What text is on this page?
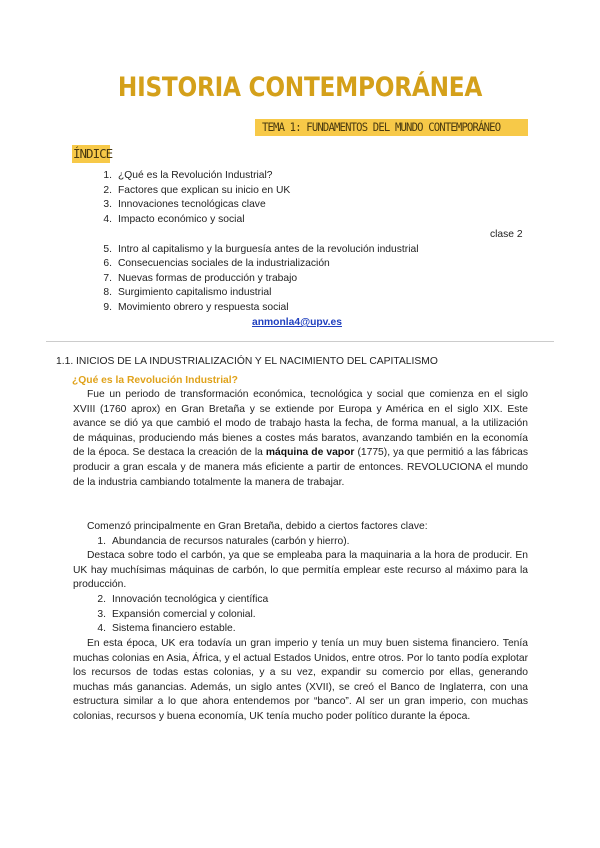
HISTORIA CONTEMPORÁNEA
TEMA 1: FUNDAMENTOS DEL MUNDO CONTEMPORÁNEO
ÍNDICE
1. ¿Qué es la Revolución Industrial?
2. Factores que explican su inicio en UK
3. Innovaciones tecnológicas clave
4. Impacto económico y social
5. Intro al capitalismo y la burguesía antes de la revolución industrial
6. Consecuencias sociales de la industrialización
7. Nuevas formas de producción y trabajo
8. Surgimiento capitalismo industrial
9. Movimiento obrero y respuesta social
clase 2
anmonla4@upv.es
1.1. INICIOS DE LA INDUSTRIALIZACIÓN Y EL NACIMIENTO DEL CAPITALISMO
¿Qué es la Revolución Industrial?
Fue un periodo de transformación económica, tecnológica y social que comienza en el siglo XVIII (1760 aprox) en Gran Bretaña y se extiende por Europa y América en el siglo XIX. Este avance se dió ya que cambió el modo de trabajo hasta la fecha, de forma manual, a la utilización de máquinas, produciendo más bienes a costes más baratos, avanzando también en la economía de la época. Se destaca la creación de la máquina de vapor (1775), ya que permitió a las fábricas producir a gran escala y de manera más eficiente a partir de entonces. REVOLUCIONA el mundo de la industria cambiando totalmente la manera de trabajar.
Comenzó principalmente en Gran Bretaña, debido a ciertos factores clave:
1. Abundancia de recursos naturales (carbón y hierro).
Destaca sobre todo el carbón, ya que se empleaba para la maquinaria a la hora de producir. En UK hay muchísimas máquinas de carbón, lo que permitía emplear este recurso al máximo para la producción.
2. Innovación tecnológica y científica
3. Expansión comercial y colonial.
4. Sistema financiero estable.
En esta época, UK era todavía un gran imperio y tenía un muy buen sistema financiero. Tenía muchas colonias en Asia, África, y el actual Estados Unidos, entre otros. Por lo tanto podía explotar los recursos de todas estas colonias, y a su vez, expandir su comercio por ellas, generando muchas más ganancias. Además, un siglo antes (XVII), se creó el Banco de Inglaterra, con una estructura similar a lo que ahora entendemos por “banco”. Al ser un gran imperio, con muchas colonias, recursos y buena economía, UK tenía mucho poder político durante la época.
